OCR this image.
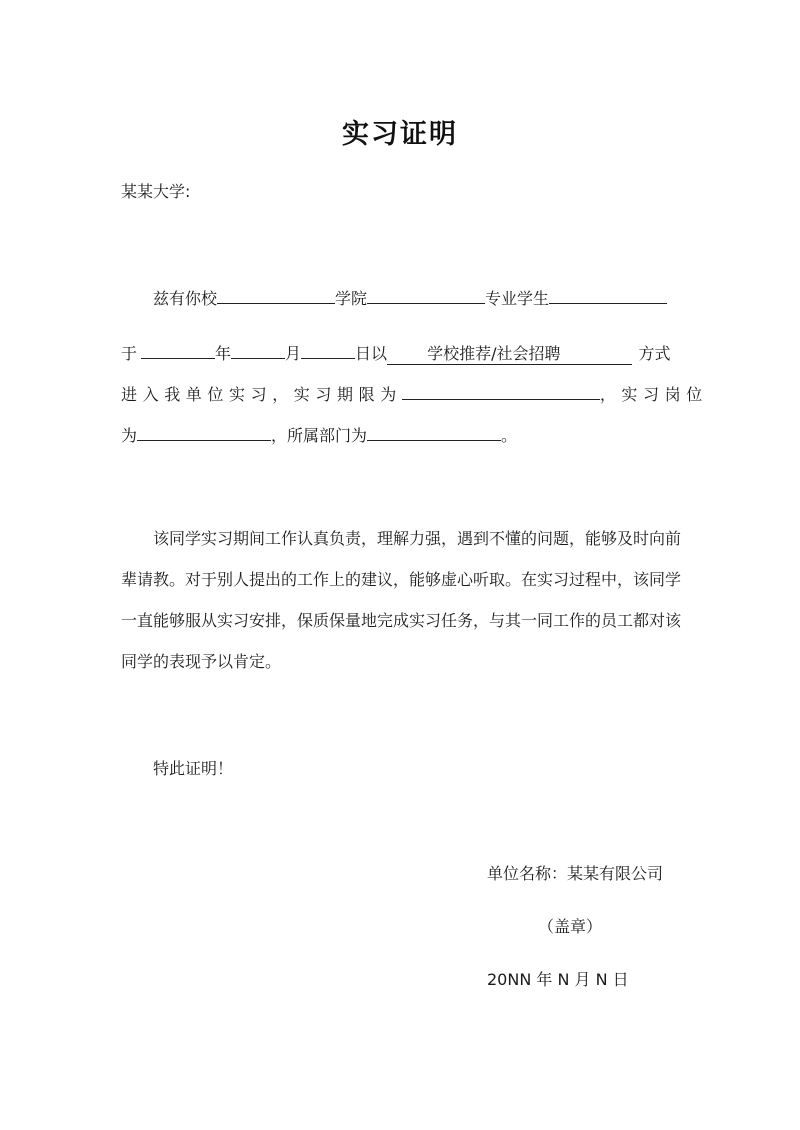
实习证明
某某大学:
兹有你校	学院	专业学生
于	年	月	日以	学校推荐/社会招聘	方式
进入我单位实习，实习期限为	，实习岗位
为	，所属部门为	。
该同学实习期间工作认真负责，理解力强，遇到不懂的问题，能够及时向前
辈请教。对于别人提出的工作上的建议，能够虚心听取。在实习过程中，该同学
一直能够服从实习安排，保质保量地完成实习任务，与其一同工作的员工都对该
同学的表现予以肯定。
特此证明！
单位名称：某某有限公司
（盖章）
20NN 年 N 月 N 日
